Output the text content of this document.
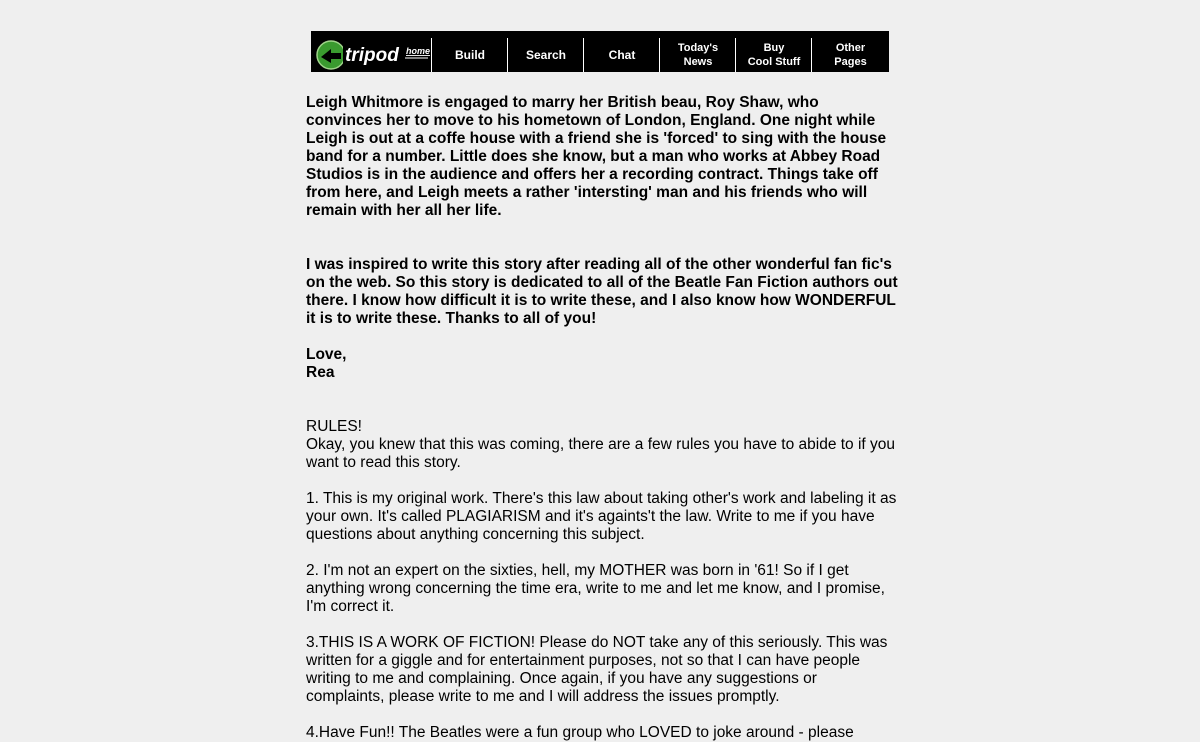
tripod home	Build	Search	Chat	Today's
News
Buy
Cool Stuff
Other
Pages

Leigh Whitmore is engaged to marry her British beau, Roy Shaw, who convinces her to move to his hometown of London, England. One night while Leigh is out at a coffe house with a friend she is 'forced' to sing with the house band for a number. Little does she know, but a man who works at Abbey Road Studios is in the audience and offers her a recording contract. Things take off from here, and Leigh meets a rather 'intersting' man and his friends who will remain with her all her life.

I was inspired to write this story after reading all of the other wonderful fan fic's on the web. So this story is dedicated to all of the Beatle Fan Fiction authors out there. I know how difficult it is to write these, and I also know how WONDERFUL it is to write these. Thanks to all of you!

Love,

Rea

RULES!

Okay, you knew that this was coming, there are a few rules you have to abide to if you want to read this story.

1. This is my original work. There's this law about taking other's work and labeling it as your own. It's called PLAGIARISM and it's againts't the law. Write to me if you have questions about anything concerning this subject.

2. I'm not an expert on the sixties, hell, my MOTHER was born in '61! So if I get anything wrong concerning the time era, write to me and let me know, and I promise, I'm correct it.

3.THIS IS A WORK OF FICTION! Please do NOT take any of this seriously. This was written for a giggle and for entertainment purposes, not so that I can have people writing to me and complaining. Once again, if you have any suggestions or complaints, please write to me and I will address the issues promptly.

4.Have Fun!! The Beatles were a fun group who LOVED to joke around - please
